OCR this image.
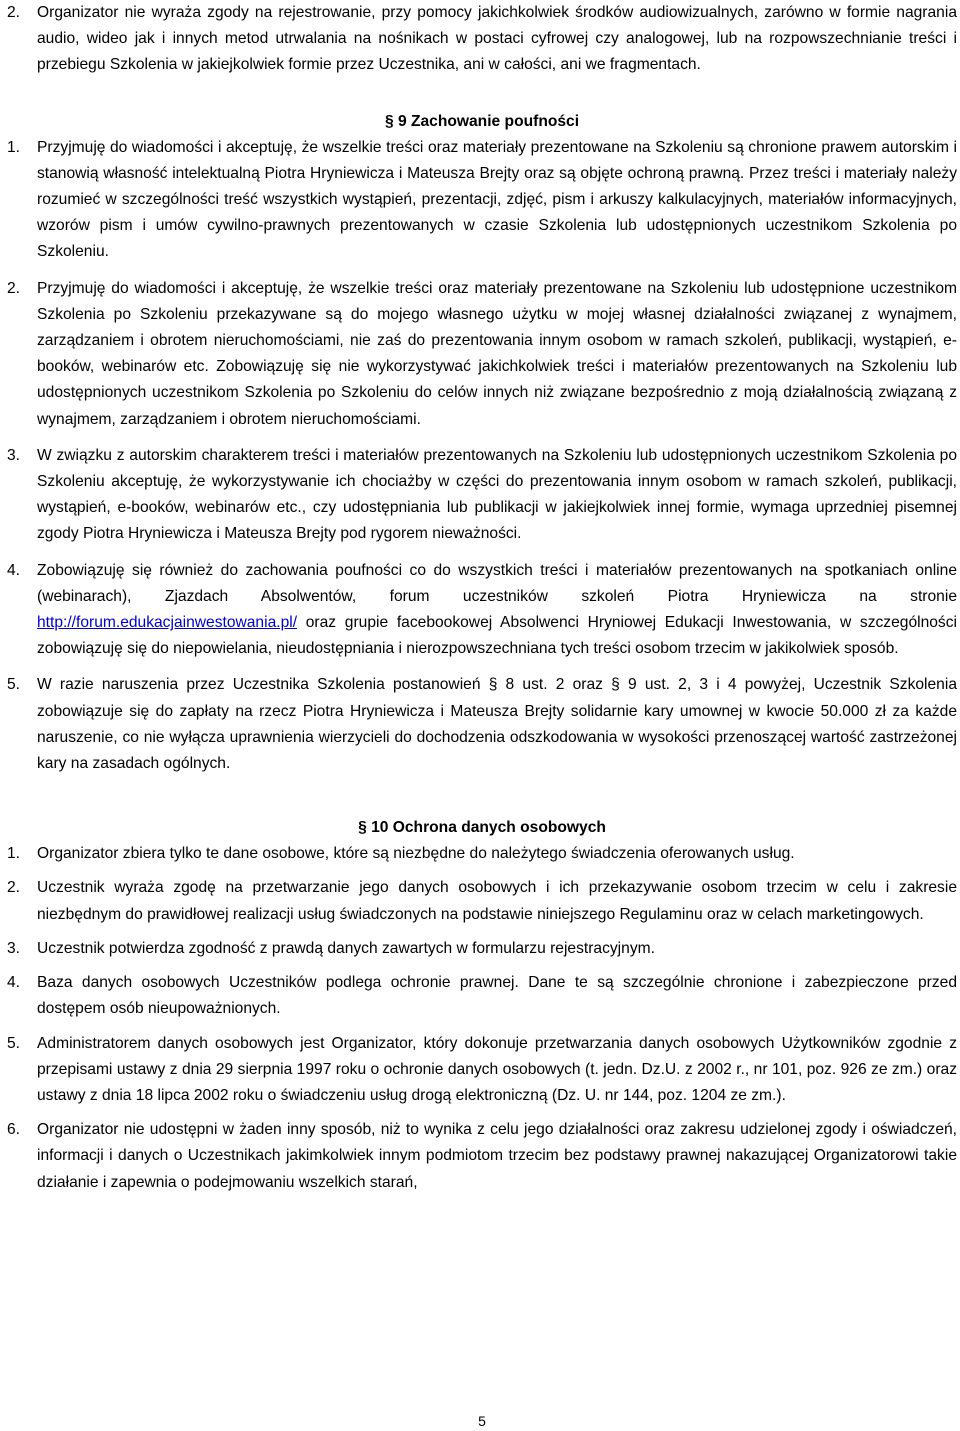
2.	Organizator nie wyraża zgody na rejestrowanie, przy pomocy jakichkolwiek środków audiowizualnych, zarówno w formie nagrania audio, wideo jak i innych metod utrwalania na nośnikach w postaci cyfrowej czy analogowej, lub na rozpowszechnianie treści i przebiegu Szkolenia w jakiejkolwiek formie przez Uczestnika, ani w całości, ani we fragmentach.
§ 9 Zachowanie poufności
1.	Przyjmuję do wiadomości i akceptuję, że wszelkie treści oraz materiały prezentowane na Szkoleniu są chronione prawem autorskim i stanowią własność intelektualną Piotra Hryniewicza i Mateusza Brejty oraz są objęte ochroną prawną. Przez treści i materiały należy rozumieć w szczególności treść wszystkich wystąpień, prezentacji, zdjęć, pism i arkuszy kalkulacyjnych, materiałów informacyjnych, wzorów pism i umów cywilno-prawnych prezentowanych w czasie Szkolenia lub udostępnionych uczestnikom Szkolenia po Szkoleniu.
2.	Przyjmuję do wiadomości i akceptuję, że wszelkie treści oraz materiały prezentowane na Szkoleniu lub udostępnione uczestnikom Szkolenia po Szkoleniu przekazywane są do mojego własnego użytku w mojej własnej działalności związanej z wynajmem, zarządzaniem i obrotem nieruchomościami, nie zaś do prezentowania innym osobom w ramach szkoleń, publikacji, wystąpień, e-booków, webinarów etc. Zobowiązuję się nie wykorzystywać jakichkolwiek treści i materiałów prezentowanych na Szkoleniu lub udostępnionych uczestnikom Szkolenia po Szkoleniu do celów innych niż związane bezpośrednio z moją działalnością związaną z wynajmem, zarządzaniem i obrotem nieruchomościami.
3.	W związku z autorskim charakterem treści i materiałów prezentowanych na Szkoleniu lub udostępnionych uczestnikom Szkolenia po Szkoleniu akceptuję, że wykorzystywanie ich chociażby w części do prezentowania innym osobom w ramach szkoleń, publikacji, wystąpień, e-booków, webinarów etc., czy udostępniania lub publikacji w jakiejkolwiek innej formie, wymaga uprzedniej pisemnej zgody Piotra Hryniewicza i Mateusza Brejty pod rygorem nieważności.
4.	Zobowiązuję się również do zachowania poufności co do wszystkich treści i materiałów prezentowanych na spotkaniach online (webinarach), Zjazdach Absolwentów, forum uczestników szkoleń Piotra Hryniewicza na stronie http://forum.edukacjainwestowania.pl/ oraz grupie facebookowej Absolwenci Hryniowej Edukacji Inwestowania, w szczególności zobowiązuję się do niepowielania, nieudostępniania i nierozpowszechniana tych treści osobom trzecim w jakikolwiek sposób.
5.	W razie naruszenia przez Uczestnika Szkolenia postanowień § 8 ust. 2 oraz § 9 ust. 2, 3 i 4 powyżej, Uczestnik Szkolenia zobowiązuje się do zapłaty na rzecz Piotra Hryniewicza i Mateusza Brejty solidarnie kary umownej w kwocie 50.000 zł za każde naruszenie, co nie wyłącza uprawnienia wierzycieli do dochodzenia odszkodowania w wysokości przenoszącej wartość zastrzeżonej kary na zasadach ogólnych.
§ 10 Ochrona danych osobowych
1.	Organizator zbiera tylko te dane osobowe, które są niezbędne do należytego świadczenia oferowanych usług.
2.	Uczestnik wyraża zgodę na przetwarzanie jego danych osobowych i ich przekazywanie osobom trzecim w celu i zakresie niezbędnym do prawidłowej realizacji usług świadczonych na podstawie niniejszego Regulaminu oraz w celach marketingowych.
3.	Uczestnik potwierdza zgodność z prawdą danych zawartych w formularzu rejestracyjnym.
4.	Baza danych osobowych Uczestników podlega ochronie prawnej. Dane te są szczególnie chronione i zabezpieczone przed dostępem osób nieupoważnionych.
5.	Administratorem danych osobowych jest Organizator, który dokonuje przetwarzania danych osobowych Użytkowników zgodnie z przepisami ustawy z dnia 29 sierpnia 1997 roku o ochronie danych osobowych (t. jedn. Dz.U. z 2002 r., nr 101, poz. 926 ze zm.) oraz ustawy z dnia 18 lipca 2002 roku o świadczeniu usług drogą elektroniczną (Dz. U. nr 144, poz. 1204 ze zm.).
6.	Organizator nie udostępni w żaden inny sposób, niż to wynika z celu jego działalności oraz zakresu udzielonej zgody i oświadczeń, informacji i danych o Uczestnikach jakimkolwiek innym podmiotom trzecim bez podstawy prawnej nakazującej Organizatorowi takie działanie i zapewnia o podejmowaniu wszelkich starań,
5
